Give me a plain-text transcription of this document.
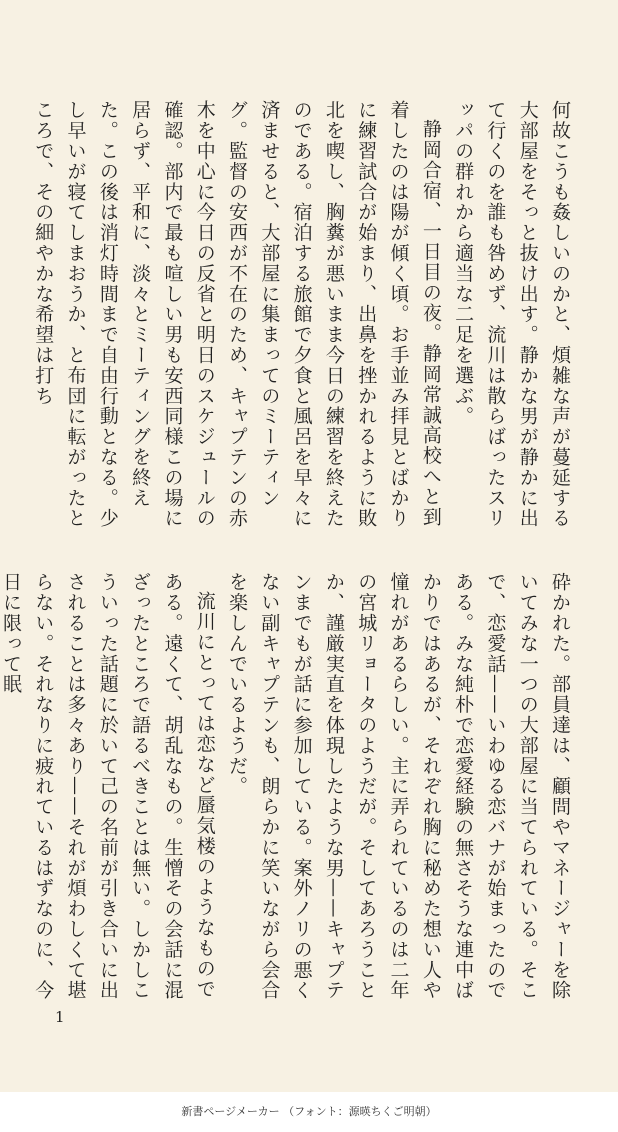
何故こうも姦しいのかと、煩雑な声が蔓延する大部屋をそっと抜け出す。静かな男が静かに出て行くのを誰も咎めず、流川は散らばったスリッパの群れから適当な二足を選ぶ。

静岡合宿、一日目の夜。静岡常誠高校へと到着したのは陽が傾く頃。お手並み拝見とばかりに練習試合が始まり、出鼻を挫かれるように敗北を喫し、胸糞が悪いまま今日の練習を終えたのである。宿泊する旅館で夕食と風呂を早々に済ませると、大部屋に集まってのミーティング。監督の安西が不在のため、キャプテンの赤木を中心に今日の反省と明日のスケジュールの確認。部内で最も喧しい男も安西同様この場に居らず、平和に、淡々とミーティングを終えた。この後は消灯時間まで自由行動となる。少し早いが寝てしまおうか、と布団に転がったところで、その細やかな希望は打ち

砕かれた。部員達は、顧問やマネージャーを除いてみな一つの大部屋に当てられている。そこで、恋愛話——いわゆる恋バナが始まったのである。みな純朴で恋愛経験の無さそうな連中ばかりではあるが、それぞれ胸に秘めた想い人や憧れがあるらしい。主に弄られているのは二年の宮城リョータのようだが。そしてあろうことか、謹厳実直を体現したような男——キャプテンまでもが話に参加している。案外ノリの悪くない副キャプテンも、朗らかに笑いながら会合を楽しんでいるようだ。

流川にとっては恋など蜃気楼のようなものである。遠くて、胡乱なもの。生憎その会話に混ざったところで語るべきことは無い。しかしこういった話題に於いて己の名前が引き合いに出されることは多々あり——それが煩わしくて堪らない。それなりに疲れているはずなのに、今日に限って眠

1
新書ページメーカー （フォント：源暎ちくご明朝）
